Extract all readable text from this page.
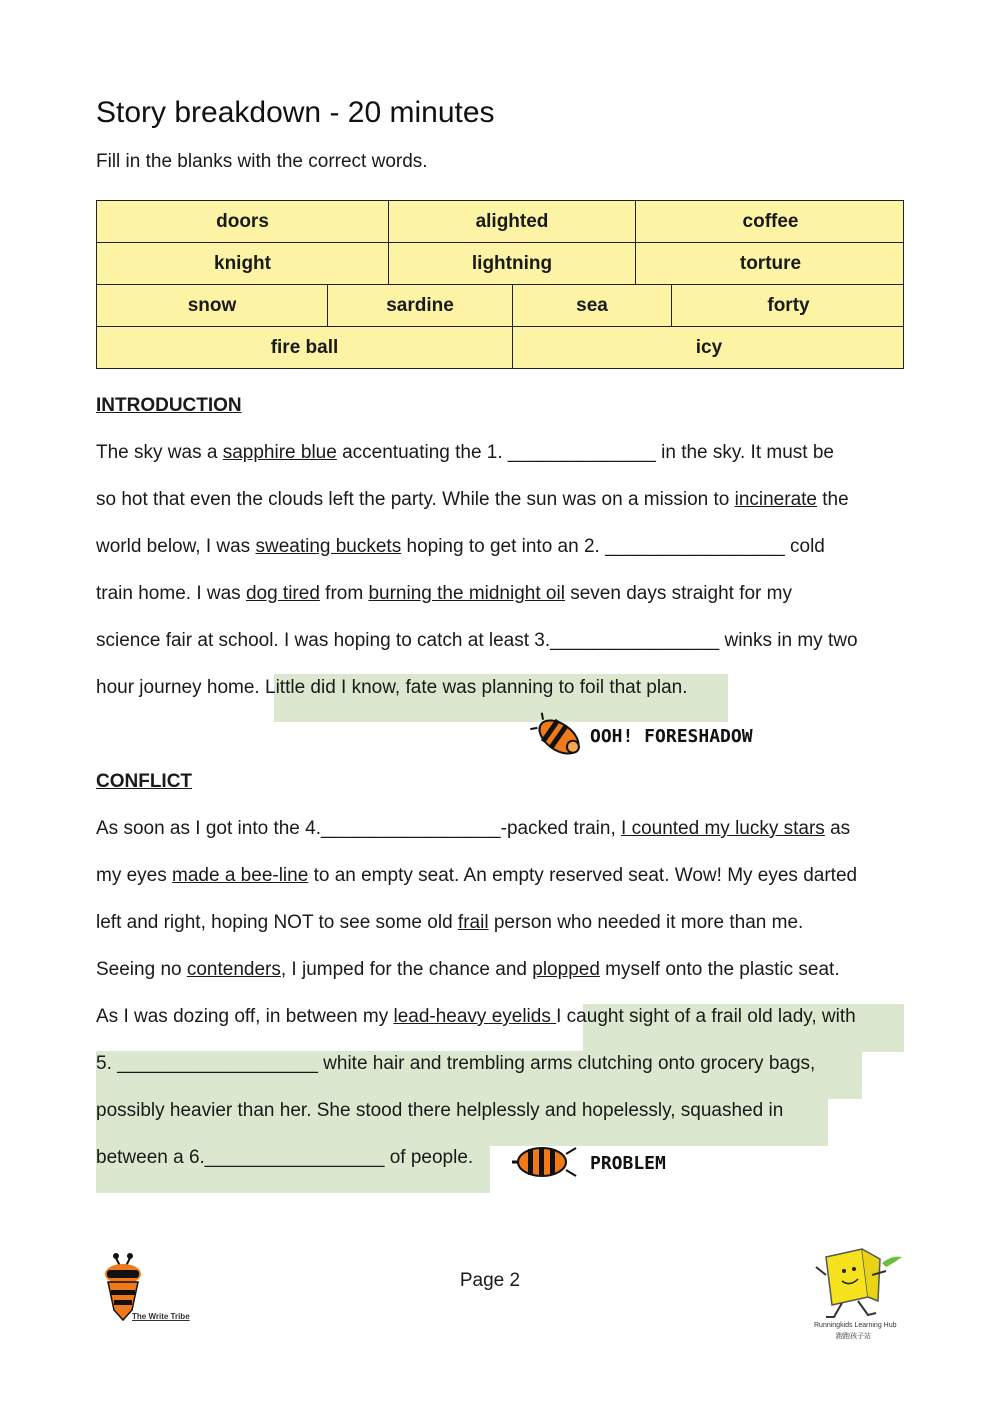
Story breakdown - 20 minutes
Fill in the blanks with the correct words.
doors	alighted	coffee
knight	lightning	torture
snow	sardine	sea	forty
fire ball	icy
INTRODUCTION
The sky was a sapphire blue accentuating the 1. ______________ in the sky. It must be
so hot that even the clouds left the party. While the sun was on a mission to incinerate the
world below, I was sweating buckets hoping to get into an 2. _________________ cold
train home. I was dog tired from burning the midnight oil seven days straight for my
science fair at school. I was hoping to catch at least 3.________________ winks in my two
hour journey home. Little did I know, fate was planning to foil that plan.
OOH! FORESHADOW
CONFLICT
As soon as I got into the 4._________________-packed train, I counted my lucky stars as
my eyes made a bee-line to an empty seat. An empty reserved seat. Wow! My eyes darted
left and right, hoping NOT to see some old frail person who needed it more than me.
Seeing no contenders, I jumped for the chance and plopped myself onto the plastic seat.
As I was dozing off, in between my lead-heavy eyelids I caught sight of a frail old lady, with
5. ___________________ white hair and trembling arms clutching onto grocery bags,
possibly heavier than her. She stood there helplessly and hopelessly, squashed in
between a 6._________________ of people.	PROBLEM
The Write Tribe
Page 2
Runningkids Learning Hub
跑跑孩子站
